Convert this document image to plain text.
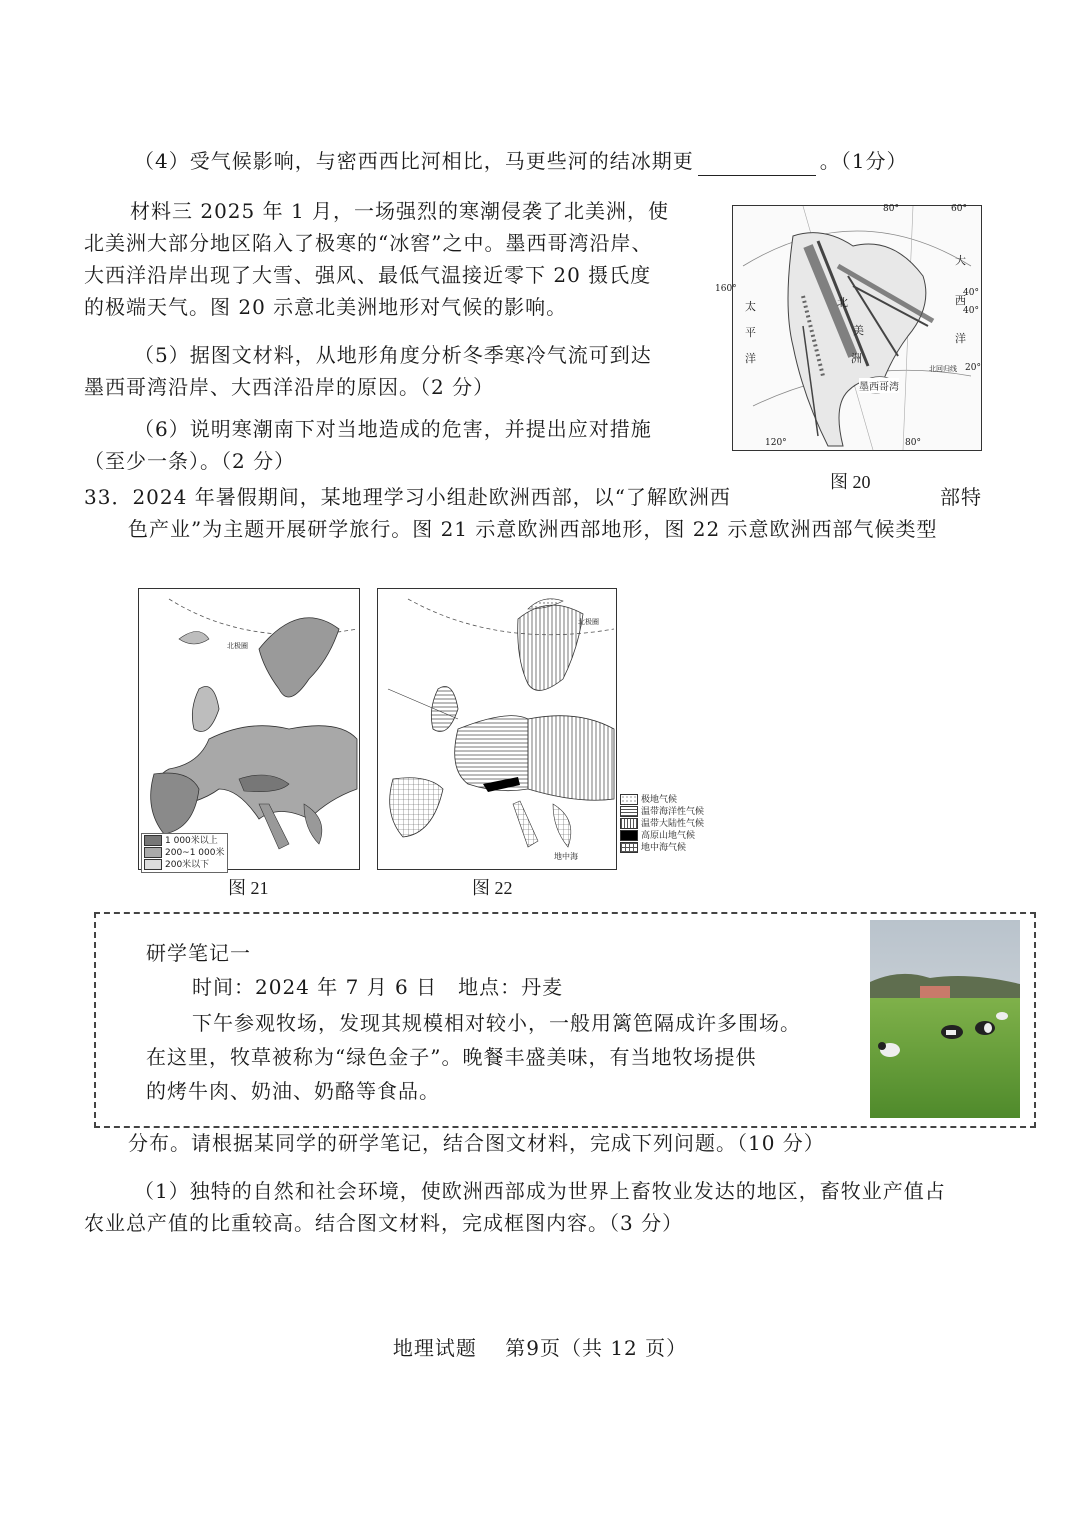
（4）受气候影响，与密西西比河相比，马更些河的结冰期更	。（1分）
材料三 2025 年 1 月，一场强烈的寒潮侵袭了北美洲，使
北美洲大部分地区陷入了极寒的“冰窖”之中。墨西哥湾沿岸、
大西洋沿岸出现了大雪、强风、最低气温接近零下 20 摄氏度
的极端天气。图 20 示意北美洲地形对气候的影响。
（5）据图文材料，从地形角度分析冬季寒冷气流可到达
墨西哥湾沿岸、大西洋沿岸的原因。（2 分）
（6）说明寒潮南下对当地造成的危害，并提出应对措施
（至少一条）。（2 分）
80°	60°
160°	40°
40°
20°
120°	80°
太
平
洋
大
西
洋
北
美
洲
墨西哥湾
北回归线
图 20
33．2024 年暑假期间，某地理学习小组赴欧洲西部，以“了解欧洲西	部特
色产业”为主题开展研学旅行。图 21 示意欧洲西部地形，图 22 示意欧洲西部气候类型
北极圈
1 000米以上
200~1 000米
200米以下
图 21
北极圈
地中海
极地气候
温带海洋性气候
温带大陆性气候
高原山地气候
地中海气候
图 22
研学笔记一
时间：2024 年 7 月 6 日　地点：丹麦
下午参观牧场，发现其规模相对较小，一般用篱笆隔成许多围场。
在这里，牧草被称为“绿色金子”。晚餐丰盛美味，有当地牧场提供
的烤牛肉、奶油、奶酪等食品。
分布。请根据某同学的研学笔记，结合图文材料，完成下列问题。（10 分）
（1）独特的自然和社会环境，使欧洲西部成为世界上畜牧业发达的地区，畜牧业产值占
农业总产值的比重较高。结合图文材料，完成框图内容。（3 分）
地理试题　 第9页（共 12 页）
